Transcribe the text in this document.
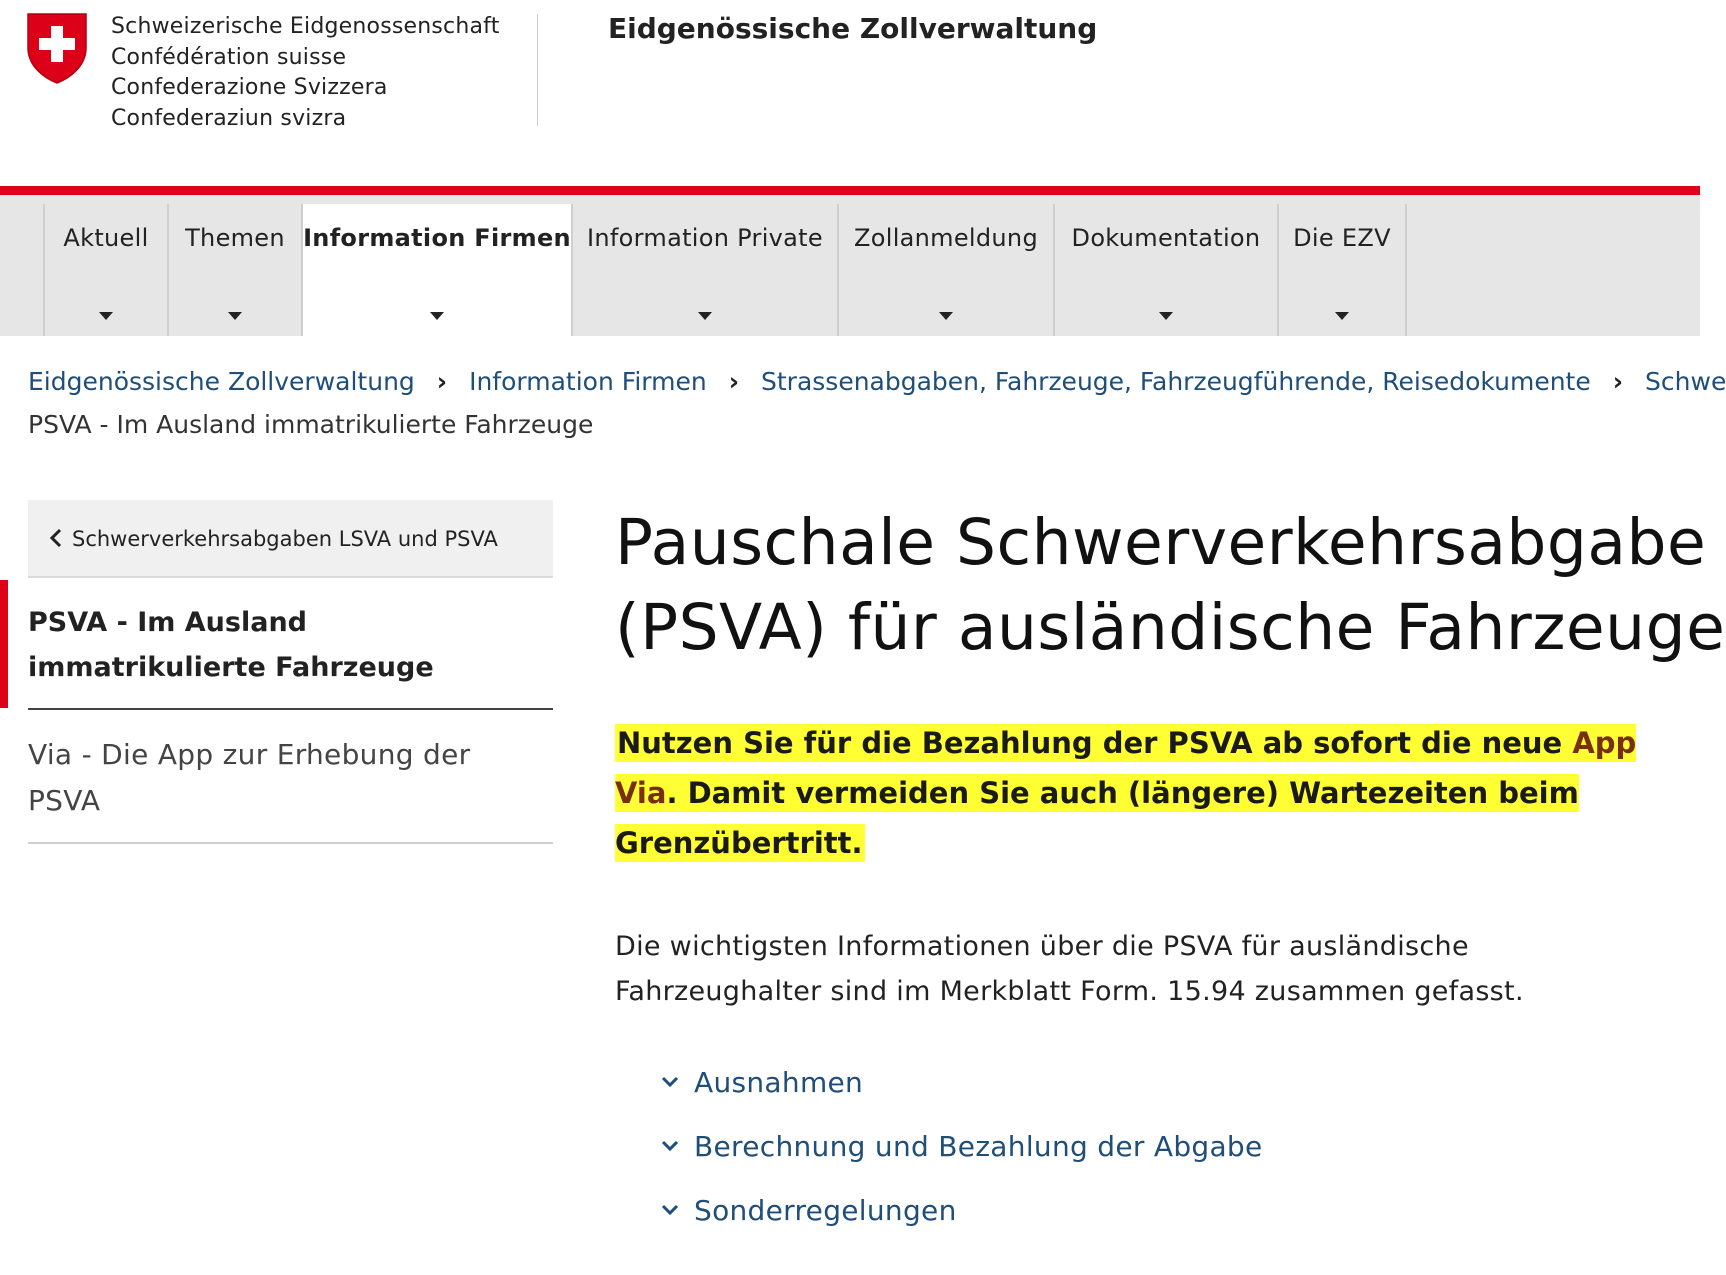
Schweizerische Eidgenossenschaft
Confédération suisse
Confederazione Svizzera
Confederaziun svizra
Eidgenössische Zollverwaltung
Aktuell	Themen Information Firmen Information Private	Zollanmeldung	Dokumentation	Die EZV
Eidgenössische Zollverwaltung › Information Firmen › Strassenabgaben, Fahrzeuge, Fahrzeugführende, Reisedokumente › Schwe
PSVA - Im Ausland immatrikulierte Fahrzeuge
Schwerverkehrsabgaben LSVA und PSVA
PSVA - Im Ausland immatrikulierte Fahrzeuge
Via - Die App zur Erhebung der PSVA
Pauschale Schwerverkehrsabgabe
(PSVA) für ausländische Fahrzeuge

Nutzen Sie für die Bezahlung der PSVA ab sofort die neue App Via. Damit vermeiden Sie auch (längere) Wartezeiten beim Grenzübertritt.

Die wichtigsten Informationen über die PSVA für ausländische Fahrzeughalter sind im Merkblatt Form. 15.94 zusammen gefasst.

Ausnahmen
Berechnung und Bezahlung der Abgabe
Sonderregelungen
